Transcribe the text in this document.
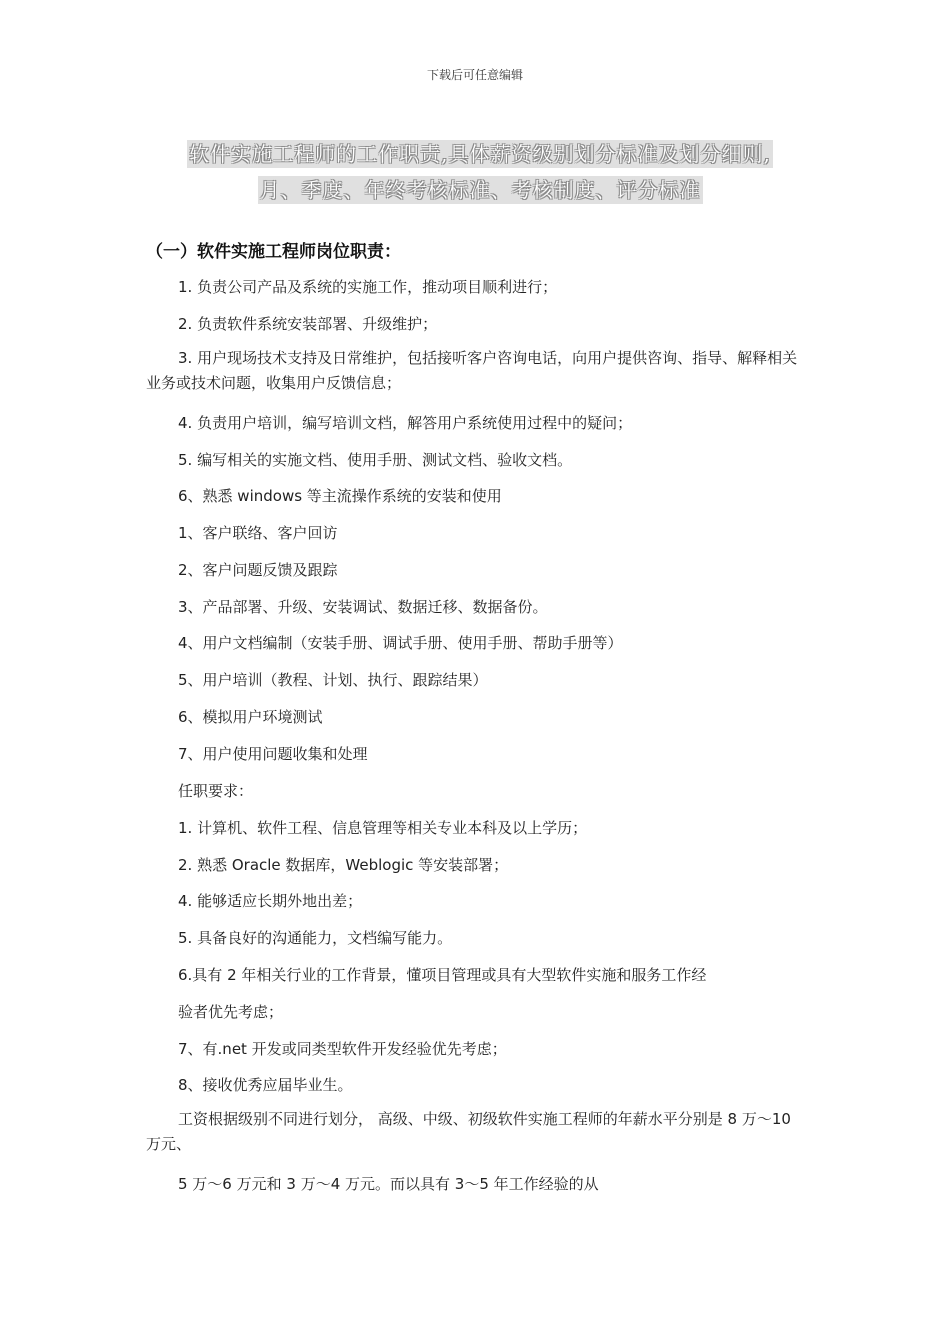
下载后可任意编辑
软件实施工程师的工作职责,具体薪资级别划分标准及划分细则,
月、季度、年终考核标准、考核制度、评分标准
（一）软件实施工程师岗位职责：
1. 负责公司产品及系统的实施工作，推动项目顺利进行；
2. 负责软件系统安装部署、升级维护；
3. 用户现场技术支持及日常维护，包括接听客户咨询电话，向用户提供咨询、指导、解释相关业务或技术问题，收集用户反馈信息；
4. 负责用户培训，编写培训文档，解答用户系统使用过程中的疑问；
5. 编写相关的实施文档、使用手册、测试文档、验收文档。
6、熟悉 windows 等主流操作系统的安装和使用
1、客户联络、客户回访
2、客户问题反馈及跟踪
3、产品部署、升级、安装调试、数据迁移、数据备份。
4、用户文档编制（安装手册、调试手册、使用手册、帮助手册等）
5、用户培训（教程、计划、执行、跟踪结果）
6、模拟用户环境测试
7、用户使用问题收集和处理
任职要求：
1. 计算机、软件工程、信息管理等相关专业本科及以上学历；
2. 熟悉 Oracle 数据库，Weblogic 等安装部署；
4. 能够适应长期外地出差；
5. 具备良好的沟通能力，文档编写能力。
6.具有 2 年相关行业的工作背景，懂项目管理或具有大型软件实施和服务工作经
验者优先考虑；
7、有.net 开发或同类型软件开发经验优先考虑；
8、接收优秀应届毕业生。
工资根据级别不同进行划分， 高级、中级、初级软件实施工程师的年薪水平分别是 8 万～10 万元、
5 万～6 万元和 3 万～4 万元。而以具有 3～5 年工作经验的从
